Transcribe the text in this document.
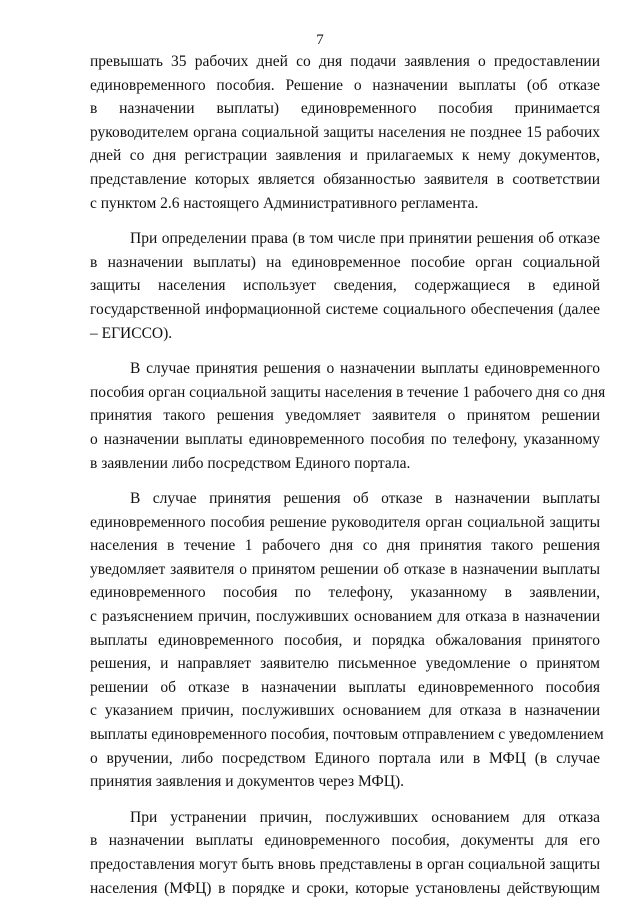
7
превышать 35 рабочих дней со дня подачи заявления о предоставлении
единовременного пособия. Решение о назначении выплаты (об отказе
в назначении выплаты) единовременного пособия принимается
руководителем органа социальной защиты населения не позднее 15 рабочих
дней со дня регистрации заявления и прилагаемых к нему документов,
представление которых является обязанностью заявителя в соответствии
с пунктом 2.6 настоящего Административного регламента.
При определении права (в том числе при принятии решения об отказе
в назначении выплаты) на единовременное пособие орган социальной
защиты населения использует сведения, содержащиеся в единой
государственной информационной системе социального обеспечения (далее
– ЕГИССО).
В случае принятия решения о назначении выплаты единовременного
пособия орган социальной защиты населения в течение 1 рабочего дня со дня
принятия такого решения уведомляет заявителя о принятом решении
о назначении выплаты единовременного пособия по телефону, указанному
в заявлении либо посредством Единого портала.
В случае принятия решения об отказе в назначении выплаты
единовременного пособия решение руководителя орган социальной защиты
населения в течение 1 рабочего дня со дня принятия такого решения
уведомляет заявителя о принятом решении об отказе в назначении выплаты
единовременного пособия по телефону, указанному в заявлении,
с разъяснением причин, послуживших основанием для отказа в назначении
выплаты единовременного пособия, и порядка обжалования принятого
решения, и направляет заявителю письменное уведомление о принятом
решении об отказе в назначении выплаты единовременного пособия
с указанием причин, послуживших основанием для отказа в назначении
выплаты единовременного пособия, почтовым отправлением с уведомлением
о вручении, либо посредством Единого портала или в МФЦ (в случае
принятия заявления и документов через МФЦ).
При устранении причин, послуживших основанием для отказа
в назначении выплаты единовременного пособия, документы для его
предоставления могут быть вновь представлены в орган социальной защиты
населения (МФЦ) в порядке и сроки, которые установлены действующим
